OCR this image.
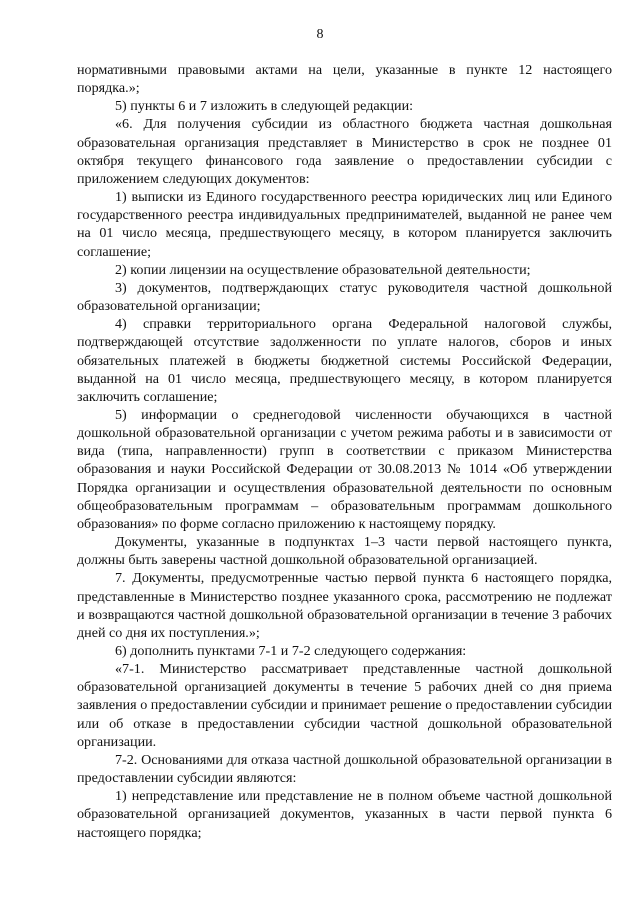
8

нормативными правовыми актами на цели, указанные в пункте 12 настоящего порядка.»;

5) пункты 6 и 7 изложить в следующей редакции:

«6. Для получения субсидии из областного бюджета частная дошкольная образовательная организация представляет в Министерство в срок не позднее 01 октября текущего финансового года заявление о предоставлении субсидии с приложением следующих документов:

1) выписки из Единого государственного реестра юридических лиц или Единого государственного реестра индивидуальных предпринимателей, выданной не ранее чем на 01 число месяца, предшествующего месяцу, в котором планируется заключить соглашение;

2) копии лицензии на осуществление образовательной деятельности;

3) документов, подтверждающих статус руководителя частной дошкольной образовательной организации;

4) справки территориального органа Федеральной налоговой службы, подтверждающей отсутствие задолженности по уплате налогов, сборов и иных обязательных платежей в бюджеты бюджетной системы Российской Федерации, выданной на 01 число месяца, предшествующего месяцу, в котором планируется заключить соглашение;

5) информации о среднегодовой численности обучающихся в частной дошкольной образовательной организации с учетом режима работы и в зависимости от вида (типа, направленности) групп в соответствии с приказом Министерства образования и науки Российской Федерации от 30.08.2013 № 1014 «Об утверждении Порядка организации и осуществления образовательной деятельности по основным общеобразовательным программам – образовательным программам дошкольного образования» по форме согласно приложению к настоящему порядку.

Документы, указанные в подпунктах 1–3 части первой настоящего пункта, должны быть заверены частной дошкольной образовательной организацией.

7. Документы, предусмотренные частью первой пункта 6 настоящего порядка, представленные в Министерство позднее указанного срока, рассмотрению не подлежат и возвращаются частной дошкольной образовательной организации в течение 3 рабочих дней со дня их поступления.»;

6) дополнить пунктами 7-1 и 7-2 следующего содержания:

«7-1. Министерство рассматривает представленные частной дошкольной образовательной организацией документы в течение 5 рабочих дней со дня приема заявления о предоставлении субсидии и принимает решение о предоставлении субсидии или об отказе в предоставлении субсидии частной дошкольной образовательной организации.

7-2. Основаниями для отказа частной дошкольной образовательной организации в предоставлении субсидии являются:

1) непредставление или представление не в полном объеме частной дошкольной образовательной организацией документов, указанных в части первой пункта 6 настоящего порядка;
